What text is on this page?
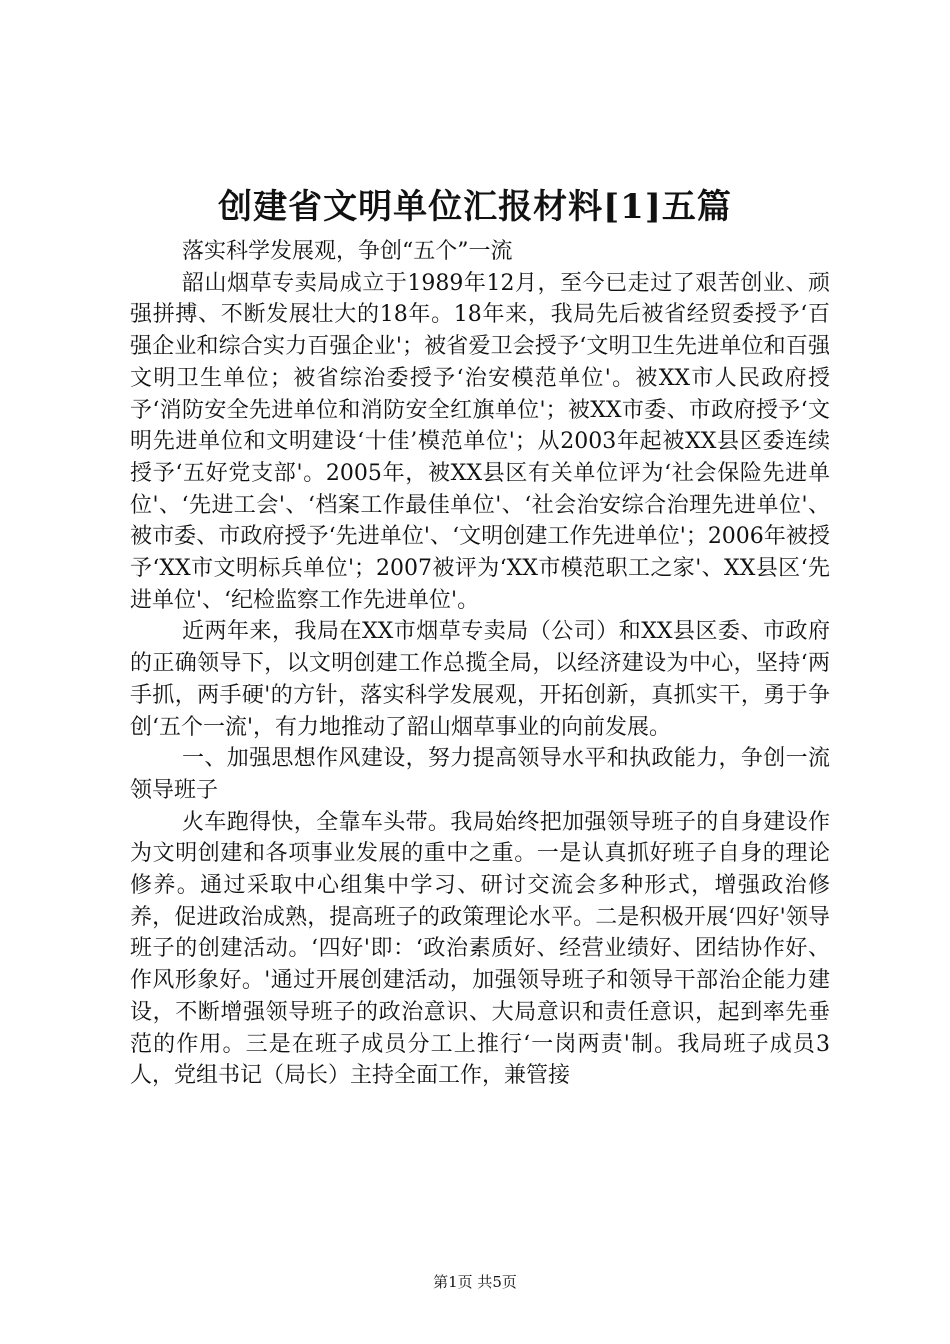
创建省文明单位汇报材料[1]五篇

落实科学发展观，争创“五个”一流

韶山烟草专卖局成立于1989年12月，至今已走过了艰苦创业、顽强拼搏、不断发展壮大的18年。18年来，我局先后被省经贸委授予‘百强企业和综合实力百强企业'；被省爱卫会授予‘文明卫生先进单位和百强文明卫生单位；被省综治委授予‘治安模范单位'。被XX市人民政府授予‘消防安全先进单位和消防安全红旗单位'；被XX市委、市政府授予‘文明先进单位和文明建设‘十佳’模范单位'；从2003年起被XX县区委连续授予‘五好党支部'。2005年，被XX县区有关单位评为‘社会保险先进单位'、‘先进工会'、‘档案工作最佳单位'、‘社会治安综合治理先进单位'、被市委、市政府授予‘先进单位'、‘文明创建工作先进单位'；2006年被授予‘XX市文明标兵单位'；2007被评为‘XX市模范职工之家'、XX县区‘先进单位'、‘纪检监察工作先进单位'。

近两年来，我局在XX市烟草专卖局（公司）和XX县区委、市政府的正确领导下，以文明创建工作总揽全局，以经济建设为中心，坚持‘两手抓，两手硬'的方针，落实科学发展观，开拓创新，真抓实干，勇于争创‘五个一流'，有力地推动了韶山烟草事业的向前发展。

一、加强思想作风建设，努力提高领导水平和执政能力，争创一流领导班子

火车跑得快，全靠车头带。我局始终把加强领导班子的自身建设作为文明创建和各项事业发展的重中之重。一是认真抓好班子自身的理论修养。通过采取中心组集中学习、研讨交流会多种形式，增强政治修养，促进政治成熟，提高班子的政策理论水平。二是积极开展‘四好'领导班子的创建活动。‘四好'即：‘政治素质好、经营业绩好、团结协作好、作风形象好。'通过开展创建活动，加强领导班子和领导干部治企能力建设，不断增强领导班子的政治意识、大局意识和责任意识，起到率先垂范的作用。三是在班子成员分工上推行‘一岗两责'制。我局班子成员3人，党组书记（局长）主持全面工作，兼管接

第1页 共5页
